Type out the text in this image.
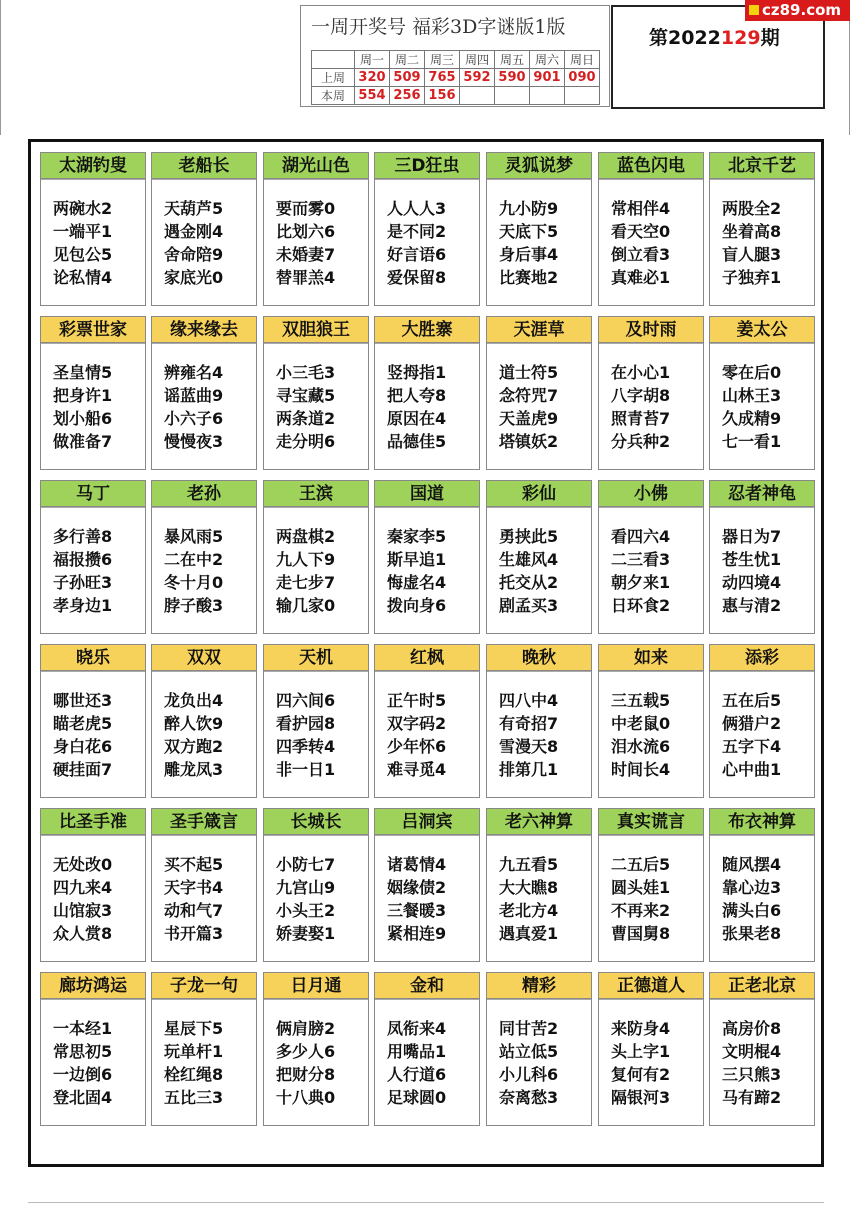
一周开奖号 福彩3D字谜版1版
	周一	周二	周三	周四	周五	周六	周日
上周	320	509	765	592	590	901	090
本周	554	256	156				
第2022129期
cz89.com
太湖钓叟
两碗水2
一端平1
见包公5
论私情4
老船长
天葫芦5
遇金刚4
舍命陪9
家底光0
湖光山色
要而雾0
比划六6
未婚妻7
替罪羔4
三D狂虫
人人人3
是不同2
好言语6
爱保留8
灵狐说梦
九小防9
天底下5
身后事4
比赛地2
蓝色闪电
常相伴4
看天空0
倒立看3
真难必1
北京千艺
两股全2
坐着高8
盲人腿3
子独弃1
彩票世家
圣皇情5
把身许1
划小船6
做准备7
缘来缘去
辨雍名4
谣蓝曲9
小六子6
慢慢夜3
双胆狼王
小三毛3
寻宝藏5
两条道2
走分明6
大胜寨
竖拇指1
把人夸8
原因在4
品德佳5
天涯草
道士符5
念符咒7
天盖虎9
塔镇妖2
及时雨
在小心1
八字胡8
照青苔7
分兵种2
姜太公
零在后0
山林王3
久成精9
七一看1
马丁
多行善8
福报攒6
子孙旺3
孝身边1
老孙
暴风雨5
二在中2
冬十月0
脖子酸3
王滨
两盘棋2
九人下9
走七步7
输几家0
国道
秦家李5
斯早追1
悔虚名4
拨向身6
彩仙
勇挟此5
生雄风4
托交从2
剧孟买3
小佛
看四六4
二三看3
朝夕来1
日环食2
忍者神龟
器日为7
苍生忧1
动四境4
惠与清2
晓乐
哪世还3
瞄老虎5
身白花6
硬挂面7
双双
龙负出4
醉人饮9
双方跑2
雕龙凤3
天机
四六间6
看护园8
四季转4
非一日1
红枫
正午时5
双字码2
少年怀6
难寻觅4
晚秋
四八中4
有奇招7
雪漫天8
排第几1
如来
三五载5
中老鼠0
泪水流6
时间长4
添彩
五在后5
俩猎户2
五字下4
心中曲1
比圣手准
无处改0
四九来4
山馆寂3
众人赏8
圣手箴言
买不起5
天字书4
动和气7
书开篇3
长城长
小防七7
九宫山9
小头王2
娇妻娶1
吕洞宾
诸葛情4
姻缘债2
三餐暖3
紧相连9
老六神算
九五看5
大大瞧8
老北方4
遇真爱1
真实谎言
二五后5
圆头娃1
不再来2
曹国舅8
布衣神算
随风摆4
靠心边3
满头白6
张果老8
廊坊鸿运
一本经1
常思初5
一边倒6
登北固4
子龙一句
星辰下5
玩单杆1
栓红绳8
五比三3
日月通
俩肩膀2
多少人6
把财分8
十八典0
金和
凤衔来4
用嘴品1
人行道6
足球圆0
精彩
同甘苦2
站立低5
小儿科6
奈离愁3
正德道人
来防身4
头上字1
复何有2
隔银河3
正老北京
高房价8
文明棍4
三只熊3
马有蹄2
